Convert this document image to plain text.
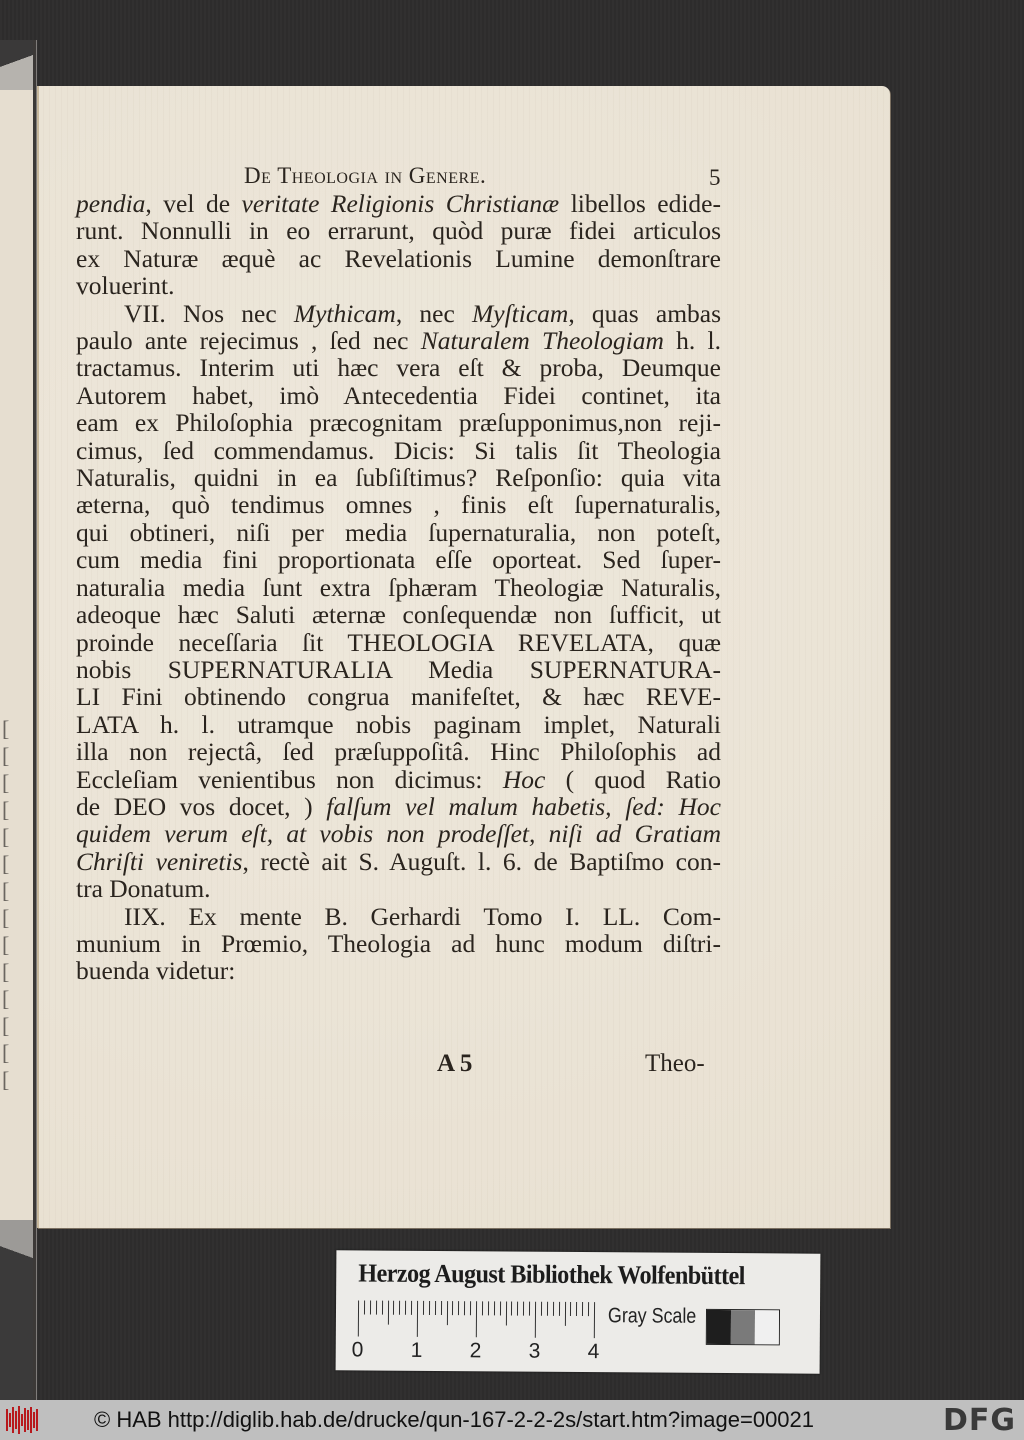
[
[
[
[
[
[
[
[
[
[
[
[
[
[
De Theologia in Genere.	5
pendia, vel de veritate Religionis Christianæ libellos edide-
runt. Nonnulli in eo errarunt, quòd puræ fidei articulos
ex Naturæ æquè ac Revelationis Lumine demonſtrare
voluerint.
VII. Nos nec Mythicam, nec Myſticam, quas ambas
paulo ante rejecimus , ſed nec Naturalem Theologiam h. l.
tractamus. Interim uti hæc vera eſt & proba, Deumque
Autorem habet, imò Antecedentia Fidei continet, ita
eam ex Philoſophia præcognitam præſupponimus,non reji-
cimus, ſed commendamus. Dicis: Si talis ſit Theologia
Naturalis, quidni in ea ſubſiſtimus? Reſponſio: quia vita
æterna, quò tendimus omnes , finis eſt ſupernaturalis,
qui obtineri, niſi per media ſupernaturalia, non poteſt,
cum media fini proportionata eſſe oporteat. Sed ſuper-
naturalia media ſunt extra ſphæram Theologiæ Naturalis,
adeoque hæc Saluti æternæ conſequendæ non ſufficit, ut
proinde neceſſaria ſit THEOLOGIA REVELATA, quæ
nobis SUPERNATURALIA Media SUPERNATURA-
LI Fini obtinendo congrua manifeſtet, & hæc REVE-
LATA h. l. utramque nobis paginam implet, Naturali
illa non rejectâ, ſed præſuppoſitâ. Hinc Philoſophis ad
Eccleſiam venientibus non dicimus: Hoc ( quod Ratio
de DEO vos docet, ) falſum vel malum habetis, ſed: Hoc
quidem verum eſt, at vobis non prodeſſet, niſi ad Gratiam
Chriſti veniretis, rectè ait S. Auguſt. l. 6. de Baptiſmo con-
tra Donatum.
IIX. Ex mente B. Gerhardi Tomo I. LL. Com-
munium in Prœmio, Theologia ad hunc modum diſtri-
buenda videtur:
A 5	Theo-
Herzog August Bibliothek Wolfenbüttel
0 1 2 3 4
Gray Scale
© HAB http://diglib.hab.de/drucke/qun-167-2-2-2s/start.htm?image=00021	DFG
